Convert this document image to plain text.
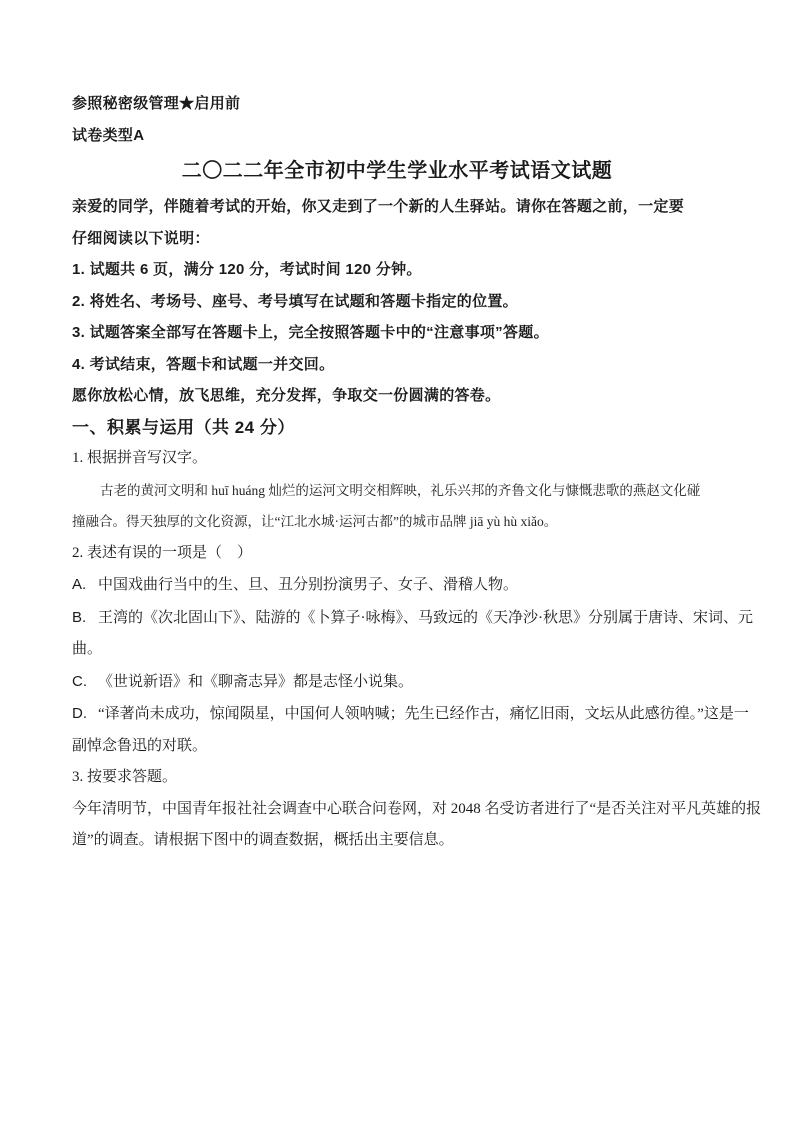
参照秘密级管理★启用前
试卷类型A
二〇二二年全市初中学生学业水平考试语文试题
亲爱的同学，伴随着考试的开始，你又走到了一个新的人生驿站。请你在答题之前，一定要
仔细阅读以下说明：
1. 试题共 6 页，满分 120 分，考试时间 120 分钟。
2. 将姓名、考场号、座号、考号填写在试题和答题卡指定的位置。
3. 试题答案全部写在答题卡上，完全按照答题卡中的“注意事项”答题。
4. 考试结束，答题卡和试题一并交回。
愿你放松心情，放飞思维，充分发挥，争取交一份圆满的答卷。
一、积累与运用（共 24 分）
1. 根据拼音写汉字。
古老的黄河文明和 huī huáng 灿烂的运河文明交相辉映，礼乐兴邦的齐鲁文化与慷慨悲歌的燕赵文化碰
撞融合。得天独厚的文化资源，让“江北水城·运河古都”的城市品牌 jiā yù hù xiǎo。
2. 表述有误的一项是（　）
A. 中国戏曲行当中的生、旦、丑分别扮演男子、女子、滑稽人物。
B. 王湾的《次北固山下》、陆游的《卜算子·咏梅》、马致远的《天净沙·秋思》分别属于唐诗、宋词、元
曲。
C. 《世说新语》和《聊斋志异》都是志怪小说集。
D. “译著尚未成功，惊闻陨星，中国何人领呐喊；先生已经作古，痛忆旧雨，文坛从此感彷徨。”这是一
副悼念鲁迅的对联。
3. 按要求答题。
今年清明节，中国青年报社社会调查中心联合问卷网，对 2048 名受访者进行了“是否关注对平凡英雄的报
道”的调查。请根据下图中的调查数据，概括出主要信息。
